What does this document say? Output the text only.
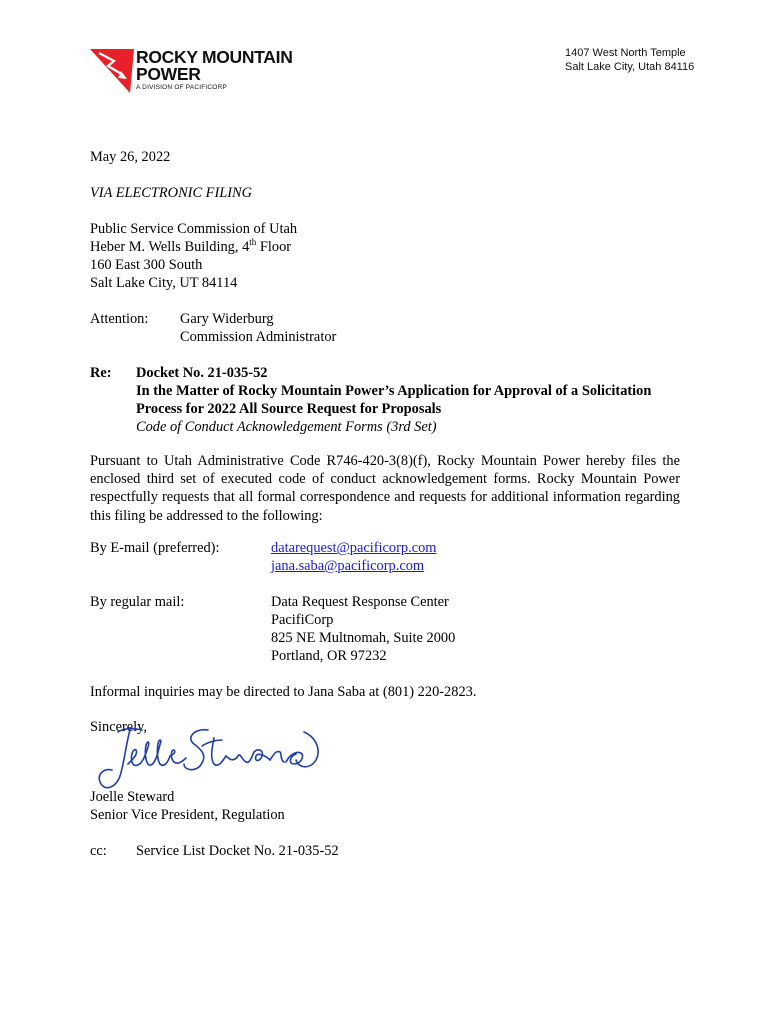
ROCKY MOUNTAIN
POWER
A DIVISION OF PACIFICORP
1407 West North Temple
Salt Lake City, Utah 84116
May 26, 2022
VIA ELECTRONIC FILING
Public Service Commission of Utah
Heber M. Wells Building, 4th Floor
160 East 300 South
Salt Lake City, UT 84114
Attention: Gary Widerburg
Commission Administrator
Re: Docket No. 21-035-52
In the Matter of Rocky Mountain Power’s Application for Approval of a Solicitation
Process for 2022 All Source Request for Proposals
Code of Conduct Acknowledgement Forms (3rd Set)
Pursuant to Utah Administrative Code R746-420-3(8)(f), Rocky Mountain Power hereby files the enclosed third set of executed code of conduct acknowledgement forms. Rocky Mountain Power respectfully requests that all formal correspondence and requests for additional information regarding this filing be addressed to the following:
By E-mail (preferred):	datarequest@pacificorp.com
jana.saba@pacificorp.com
By regular mail:	Data Request Response Center
PacifiCorp
825 NE Multnomah, Suite 2000
Portland, OR 97232
Informal inquiries may be directed to Jana Saba at (801) 220-2823.
Sincerely,
Joelle Steward
Senior Vice President, Regulation
cc: Service List Docket No. 21-035-52
